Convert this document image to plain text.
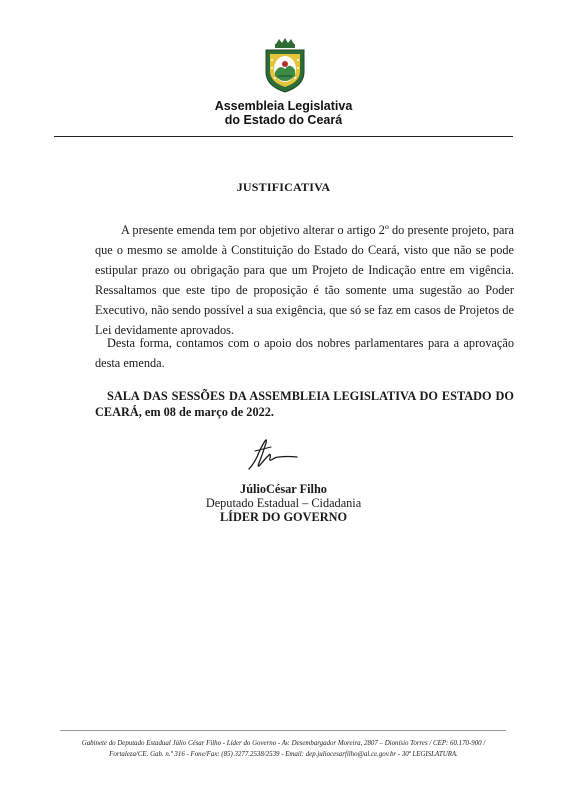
Assembleia Legislativa
do Estado do Ceará
JUSTIFICATIVA

A presente emenda tem por objetivo alterar o artigo 2º do presente projeto, para que o mesmo se amolde à Constituição do Estado do Ceará, visto que não se pode estipular prazo ou obrigação para que um Projeto de Indicação entre em vigência. Ressaltamos que este tipo de proposição é tão somente uma sugestão ao Poder Executivo, não sendo possível a sua exigência, que só se faz em casos de Projetos de Lei devidamente aprovados.

Desta forma, contamos com o apoio dos nobres parlamentares para a aprovação desta emenda.

SALA DAS SESSÕES DA ASSEMBLEIA LEGISLATIVA DO ESTADO DO CEARÁ, em 08 de março de 2022.

JúlioCésar Filho
Deputado Estadual – Cidadania
LÍDER DO GOVERNO
Gabinete do Deputado Estadual Júlio César Filho - Líder do Governo - Av. Desembargador Moreira, 2807 – Dionísio Torres / CEP: 60.170-900 /
Fortaleza/CE. Gab. n.º 316 - Fone/Fax: (85) 3277.2538/2539 - Email: dep.juliocesarfilho@al.ce.gov.br - 30ª LEGISLATURA.
